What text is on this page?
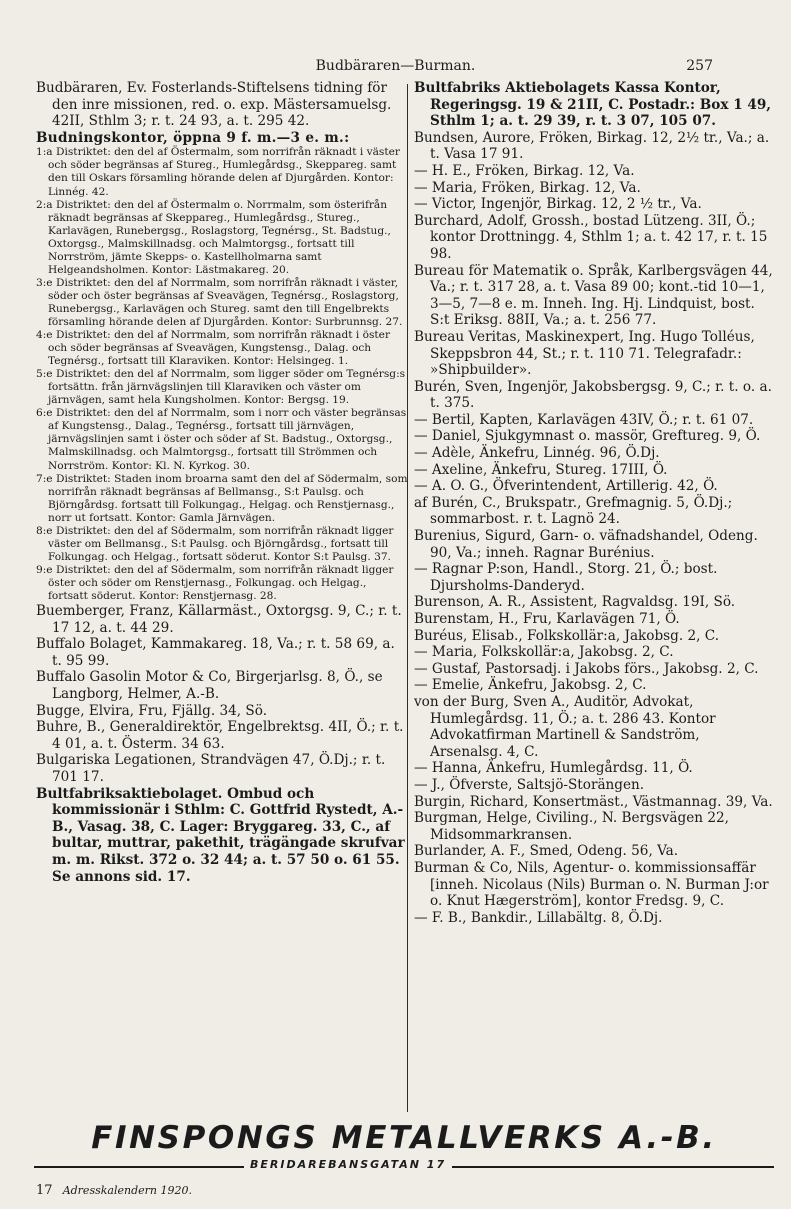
Budbäraren—Burman.	257

Budbäraren, Ev. Fosterlands-Stiftelsens tidning för den inre missionen, red. o. exp. Mästersamuelsg. 42II, Sthlm 3; r. t. 24 93, a. t. 295 42.

Budningskontor, öppna 9 f. m.—3 e. m.:

1:a Distriktet: den del af Östermalm, som norrifrån räknadt i väster och söder begränsas af Stureg., Humlegårdsg., Skeppareg. samt den till Oskars församling hörande delen af Djurgården. Kontor: Linnég. 42.

2:a Distriktet: den del af Östermalm o. Norrmalm, som österifrån räknadt begränsas af Skeppareg., Humlegårdsg., Stureg., Karlavägen, Runebergsg., Roslagstorg, Tegnérsg., St. Badstug., Oxtorgsg., Malmskillnadsg. och Malmtorgsg., fortsatt till Norrström, jämte Skepps- o. Kastellholmarna samt Helgeandsholmen. Kontor: Lästmakareg. 20.

3:e Distriktet: den del af Norrmalm, som norrifrån räknadt i väster, söder och öster begränsas af Sveavägen, Tegnérsg., Roslagstorg, Runebergsg., Karlavägen och Stureg. samt den till Engelbrekts församling hörande delen af Djurgården. Kontor: Surbrunnsg. 27.

4:e Distriktet: den del af Norrmalm, som norrifrån räknadt i öster och söder begränsas af Sveavägen, Kungstensg., Dalag. och Tegnérsg., fortsatt till Klaraviken. Kontor: Helsingeg. 1.

5:e Distriktet: den del af Norrmalm, som ligger söder om Tegnérsg:s fortsättn. från järnvägslinjen till Klaraviken och väster om järnvägen, samt hela Kungsholmen. Kontor: Bergsg. 19.

6:e Distriktet: den del af Norrmalm, som i norr och väster begränsas af Kungstensg., Dalag., Tegnérsg., fortsatt till järnvägen, järnvägslinjen samt i öster och söder af St. Badstug., Oxtorgsg., Malmskillnadsg. och Malmtorgsg., fortsatt till Strömmen och Norrström. Kontor: Kl. N. Kyrkog. 30.

7:e Distriktet: Staden inom broarna samt den del af Södermalm, som norrifrån räknadt begränsas af Bellmansg., S:t Paulsg. och Björngårdsg. fortsatt till Folkungag., Helgag. och Renstjernasg., norr ut fortsatt. Kontor: Gamla Järnvägen.

8:e Distriktet: den del af Södermalm, som norrifrån räknadt ligger väster om Bellmansg., S:t Paulsg. och Björngårdsg., fortsatt till Folkungag. och Helgag., fortsatt söderut. Kontor S:t Paulsg. 37.

9:e Distriktet: den del af Södermalm, som norrifrån räknadt ligger öster och söder om Renstjernasg., Folkungag. och Helgag., fortsatt söderut. Kontor: Renstjernasg. 28.

Buemberger, Franz, Källarmäst., Oxtorgsg. 9, C.; r. t. 17 12, a. t. 44 29.

Buffalo Bolaget, Kammakareg. 18, Va.; r. t. 58 69, a. t. 95 99.

Buffalo Gasolin Motor & Co, Birgerjarlsg. 8, Ö., se Langborg, Helmer, A.-B.

Bugge, Elvira, Fru, Fjällg. 34, Sö.

Buhre, B., Generaldirektör, Engelbrektsg. 4II, Ö.; r. t. 4 01, a. t. Österm. 34 63.

Bulgariska Legationen, Strandvägen 47, Ö.Dj.; r. t. 701 17.

Bultfabriksaktiebolaget. Ombud och kommissionär i Sthlm: C. Gottfrid Rystedt, A.-B., Vasag. 38, C. Lager: Bryggareg. 33, C., af bultar, muttrar, pakethit, trägängade skrufvar m. m. Rikst. 372 o. 32 44; a. t. 57 50 o. 61 55. Se annons sid. 17.

Bultfabriks Aktiebolagets Kassa Kontor, Regeringsg. 19 & 21II, C. Postadr.: Box 1 49, Sthlm 1; a. t. 29 39, r. t. 3 07, 105 07.

Bundsen, Aurore, Fröken, Birkag. 12, 2½ tr., Va.; a. t. Vasa 17 91.

— H. E., Fröken, Birkag. 12, Va.

— Maria, Fröken, Birkag. 12, Va.

— Victor, Ingenjör, Birkag. 12, 2 ½ tr., Va.

Burchard, Adolf, Grossh., bostad Lützeng. 3II, Ö.; kontor Drottningg. 4, Sthlm 1; a. t. 42 17, r. t. 15 98.

Bureau för Matematik o. Språk, Karlbergsvägen 44, Va.; r. t. 317 28, a. t. Vasa 89 00; kont.-tid 10—1, 3—5, 7—8 e. m. Inneh. Ing. Hj. Lindquist, bost. S:t Eriksg. 88II, Va.; a. t. 256 77.

Bureau Veritas, Maskinexpert, Ing. Hugo Tolléus, Skeppsbron 44, St.; r. t. 110 71. Telegrafadr.: »Shipbuilder».

Burén, Sven, Ingenjör, Jakobsbergsg. 9, C.; r. t. o. a. t. 375.

— Bertil, Kapten, Karlavägen 43IV, Ö.; r. t. 61 07.

— Daniel, Sjukgymnast o. massör, Greftureg. 9, Ö.

— Adèle, Änkefru, Linnég. 96, Ö.Dj.

— Axeline, Änkefru, Stureg. 17III, Ö.

— A. O. G., Öfverintendent, Artillerig. 42, Ö.

af Burén, C., Brukspatr., Grefmagnig. 5, Ö.Dj.; sommarbost. r. t. Lagnö 24.

Burenius, Sigurd, Garn- o. väfnadshandel, Odeng. 90, Va.; inneh. Ragnar Burénius.

— Ragnar P:son, Handl., Storg. 21, Ö.; bost. Djursholms-Danderyd.

Burenson, A. R., Assistent, Ragvaldsg. 19I, Sö.

Burenstam, H., Fru, Karlavägen 71, Ö.

Buréus, Elisab., Folkskollär:a, Jakobsg. 2, C.

— Maria, Folkskollär:a, Jakobsg. 2, C.

— Gustaf, Pastorsadj. i Jakobs förs., Jakobsg. 2, C.

— Emelie, Änkefru, Jakobsg. 2, C.

von der Burg, Sven A., Auditör, Advokat, Humlegårdsg. 11, Ö.; a. t. 286 43. Kontor Advokatfirman Martinell & Sandström, Arsenalsg. 4, C.

— Hanna, Änkefru, Humlegårdsg. 11, Ö.

— J., Öfverste, Saltsjö-Storängen.

Burgin, Richard, Konsertmäst., Västmannag. 39, Va.

Burgman, Helge, Civiling., N. Bergsvägen 22, Midsommarkransen.

Burlander, A. F., Smed, Odeng. 56, Va.

Burman & Co, Nils, Agentur- o. kommissionsaffär [inneh. Nicolaus (Nils) Burman o. N. Burman J:or o. Knut Hægerström], kontor Fredsg. 9, C.

— F. B., Bankdir., Lillabältg. 8, Ö.Dj.

FINSPONGS METALLVERKS A.-B.
BERIDAREBANSGATAN 17
17 Adresskalendern 1920.
